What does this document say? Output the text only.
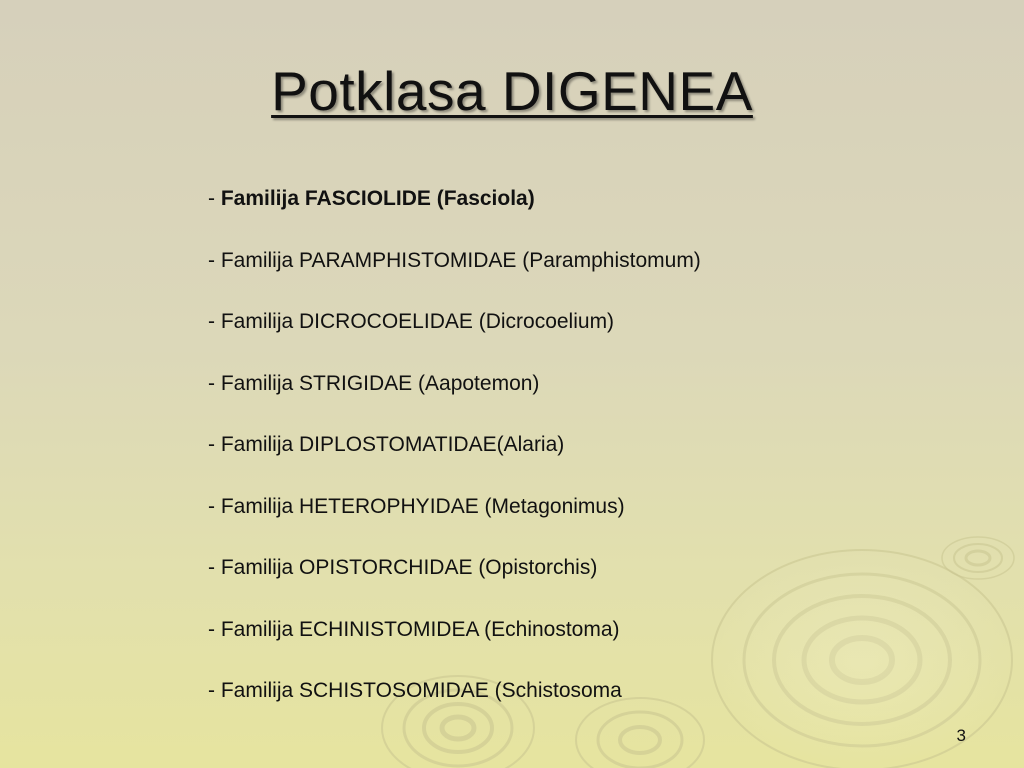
Potklasa DIGENEA
- Familija FASCIOLIDE (Fasciola)
- Familija PARAMPHISTOMIDAE (Paramphistomum)
- Familija DICROCOELIDAE (Dicrocoelium)
- Familija STRIGIDAE (Aapotemon)
- Familija DIPLOSTOMATIDAE(Alaria)
- Familija HETEROPHYIDAE (Metagonimus)
- Familija OPISTORCHIDAE (Opistorchis)
- Familija ECHINISTOMIDEA (Echinostoma)
- Familija SCHISTOSOMIDAE (Schistosoma
3
